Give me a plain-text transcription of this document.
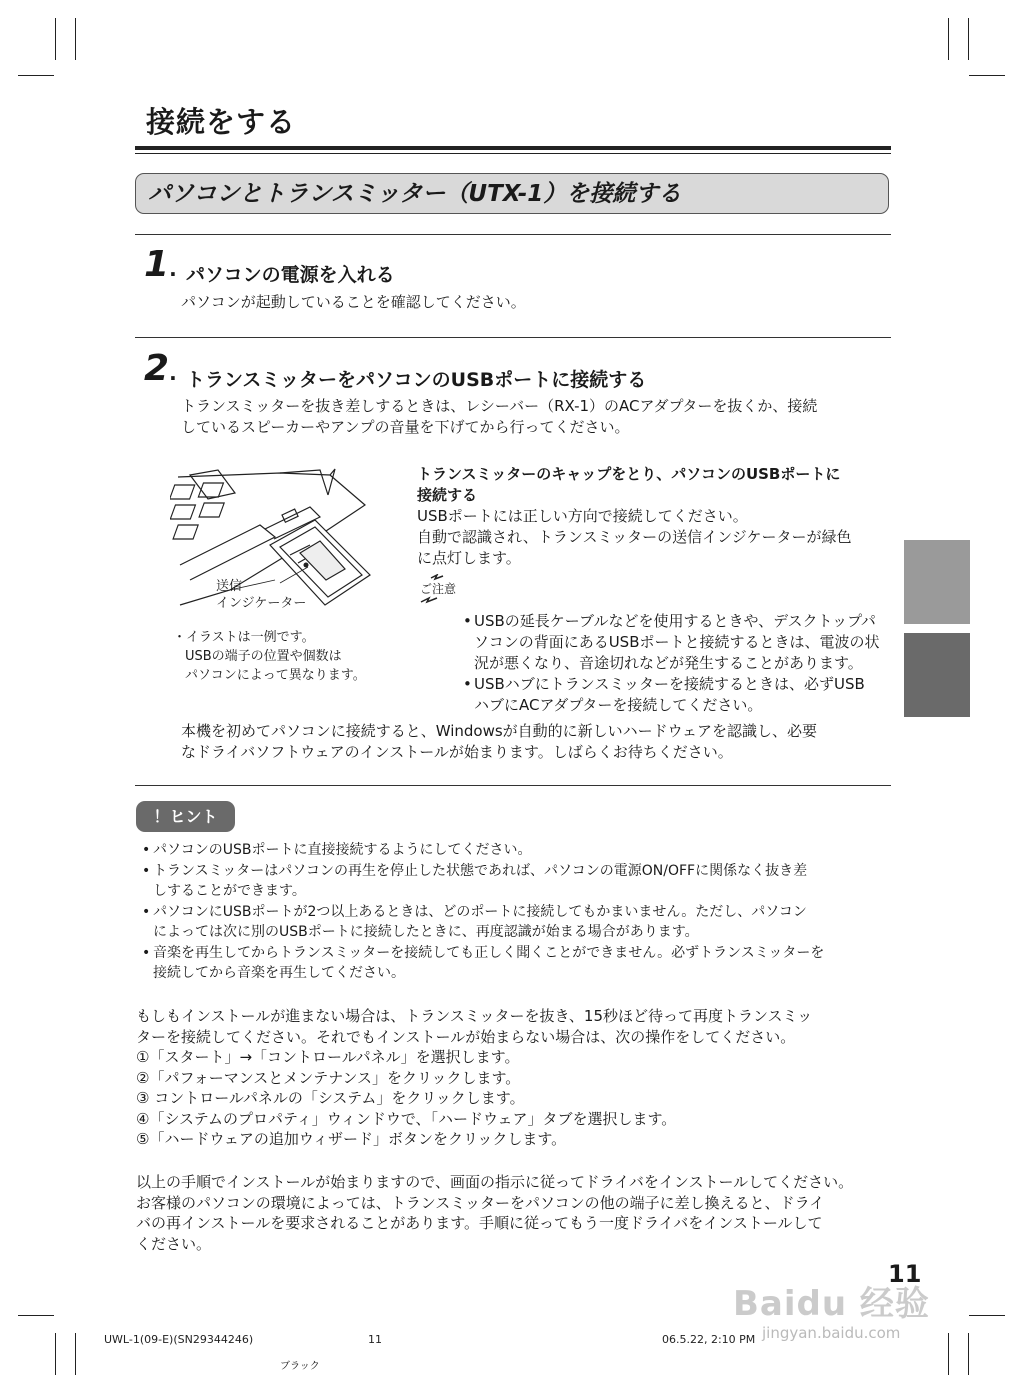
接続をする
パソコンとトランスミッター（UTX-1）を接続する
1. パソコンの電源を入れる
パソコンが起動していることを確認してください。
2. トランスミッターをパソコンのUSBポートに接続する
トランスミッターを抜き差しするときは、レシーバー（RX-1）のACアダプターを抜くか、接続
しているスピーカーやアンプの音量を下げてから行ってください。
送信
インジケーター
・イラストは一例です。
USBの端子の位置や個数は
パソコンによって異なります。
トランスミッターのキャップをとり、パソコンのUSBポートに
接続する
USBポートには正しい方向で接続してください。
自動で認識され、トランスミッターの送信インジケーターが緑色
に点灯します。
ご注意
• USBの延長ケーブルなどを使用するときや、デスクトップパ
ソコンの背面にあるUSBポートと接続するときは、電波の状
況が悪くなり、音途切れなどが発生することがあります。
• USBハブにトランスミッターを接続するときは、必ずUSB
ハブにACアダプターを接続してください。
本機を初めてパソコンに接続すると、Windowsが自動的に新しいハードウェアを認識し、必要
なドライバソフトウェアのインストールが始まります。しばらくお待ちください。
！ヒント
• パソコンのUSBポートに直接接続するようにしてください。
• トランスミッターはパソコンの再生を停止した状態であれば、パソコンの電源ON/OFFに関係なく抜き差
しすることができます。
• パソコンにUSBポートが2つ以上あるときは、どのポートに接続してもかまいません。ただし、パソコン
によっては次に別のUSBポートに接続したときに、再度認識が始まる場合があります。
• 音楽を再生してからトランスミッターを接続しても正しく聞くことができません。必ずトランスミッターを
接続してから音楽を再生してください。
もしもインストールが進まない場合は、トランスミッターを抜き、15秒ほど待って再度トランスミッ
ターを接続してください。それでもインストールが始まらない場合は、次の操作をしてください。
①「スタート」→「コントロールパネル」を選択します。
②「パフォーマンスとメンテナンス」をクリックします。
③ コントロールパネルの「システム」をクリックします。
④「システムのプロパティ」ウィンドウで、「ハードウェア」タブを選択します。
⑤「ハードウェアの追加ウィザード」ボタンをクリックします。
以上の手順でインストールが始まりますので、画面の指示に従ってドライバをインストールしてください。
お客様のパソコンの環境によっては、トランスミッターをパソコンの他の端子に差し換えると、ドライ
バの再インストールを要求されることがあります。手順に従ってもう一度ドライバをインストールして
ください。
11
Baidu 经验
jingyan.baidu.com
UWL-1(09-E)(SN29344246)	11	06.5.22, 2:10 PM
ブラック
